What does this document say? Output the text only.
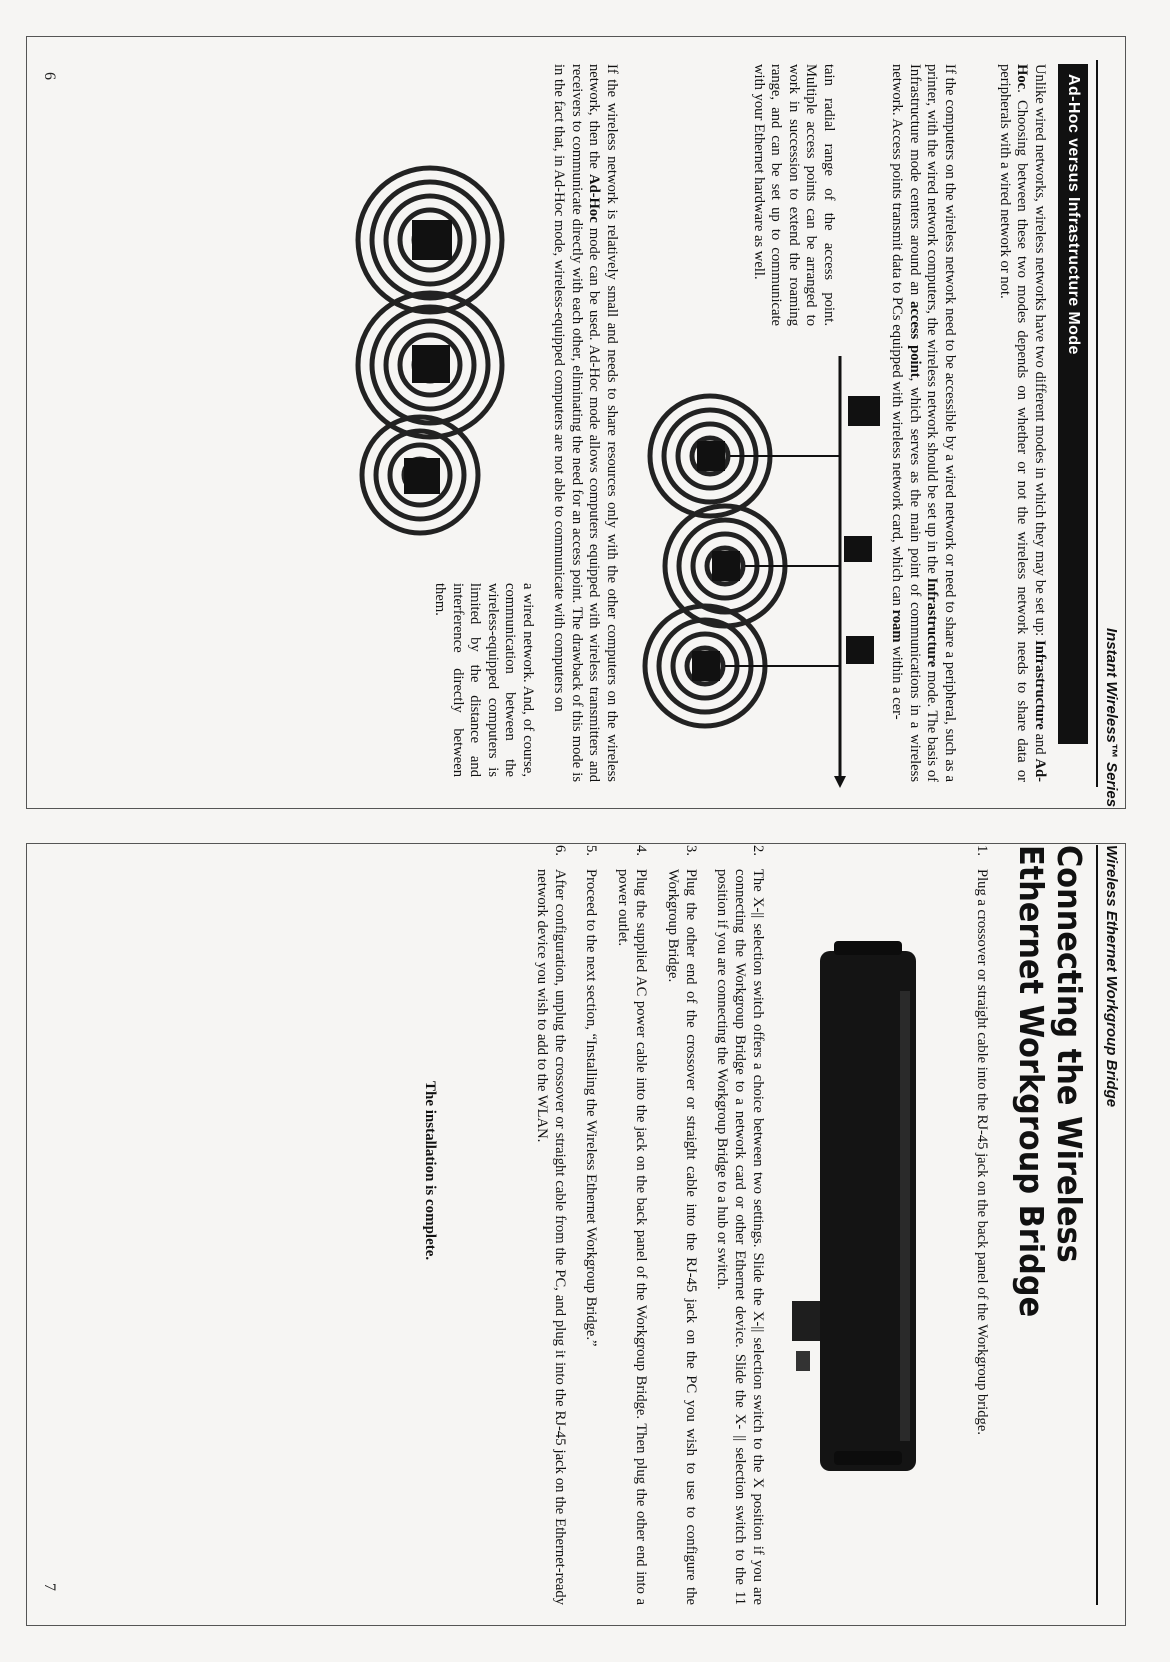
Instant Wireless™ Series
Ad-Hoc versus Infrastructure Mode

Unlike wired networks, wireless networks have two different modes in which they may be set up: Infrastructure and Ad-Hoc. Choosing between these two modes depends on whether or not the wireless network needs to share data or peripherals with a wired network or not.

If the computers on the wireless network need to be accessible by a wired network or need to share a peripheral, such as a printer, with the wired network computers, the wireless network should be set up in the Infrastructure mode. The basis of Infrastructure mode centers around an access point, which serves as the main point of communications in a wireless network. Access points transmit data to PCs equipped with wireless network card, which can roam within a cer-

tain radial range of the access point. Multiple access points can be arranged to work in succession to extend the roaming range, and can be set up to communicate with your Ethernet hardware as well.

If the wireless network is relatively small and needs to share resources only with the other computers on the wireless network, then the Ad-Hoc mode can be used. Ad-Hoc mode allows computers equipped with wireless transmitters and receivers to communicate directly with each other, eliminating the need for an access point. The drawback of this mode is in the fact that, in Ad-Hoc mode, wireless-equipped computers are not able to communicate with computers on

a wired network. And, of course, communication between the wireless-equipped computers is limited by the distance and interference directly between them.

6
Wireless Ethernet Workgroup Bridge
Connecting the Wireless
Ethernet Workgroup Bridge
1.
Plug a crossover or straight cable into the RJ-45 jack on the back panel of the Workgroup bridge.
2.
The X-|| selection switch offers a choice between two settings. Slide the X-|| selection switch to the X position if you are connecting the Workgroup Bridge to a network card or other Ethernet device. Slide the X- || selection switch to the 11 position if you are connecting the Workgroup Bridge to a hub or switch.
3.
Plug the other end of the crossover or straight cable into the RJ-45 jack on the PC you wish to use to configure the Workgroup Bridge.
4.
Plug the supplied AC power cable into the jack on the back panel of the Workgroup Bridge. Then plug the other end into a power outlet.
5.
Proceed to the next section, “Installing the Wireless Ethernet Workgroup Bridge.”
6.
After configuration, unplug the crossover or straight cable from the PC, and plug it into the RJ-45 jack on the Ethernet-ready network device you wish to add to the WLAN.
The installation is complete.
7
